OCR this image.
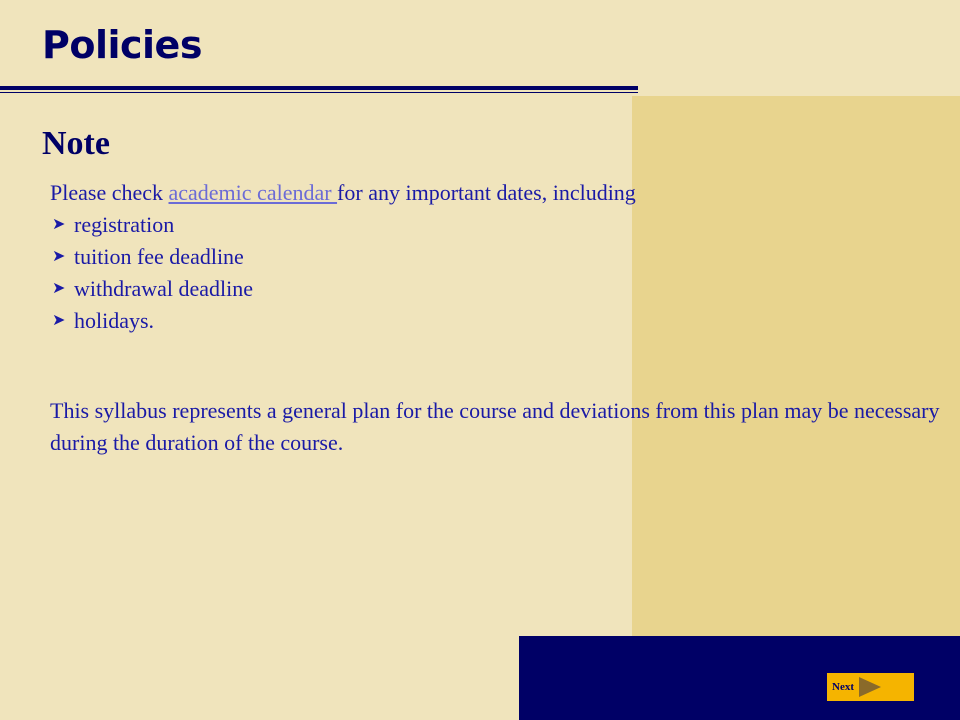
Policies
Note

Please check academic calendar for any important dates, including

➤ registration
➤ tuition fee deadline
➤ withdrawal deadline
➤ holidays.

This syllabus represents a general plan for the course and deviations from this plan may be necessary during the duration of the course.

Next
